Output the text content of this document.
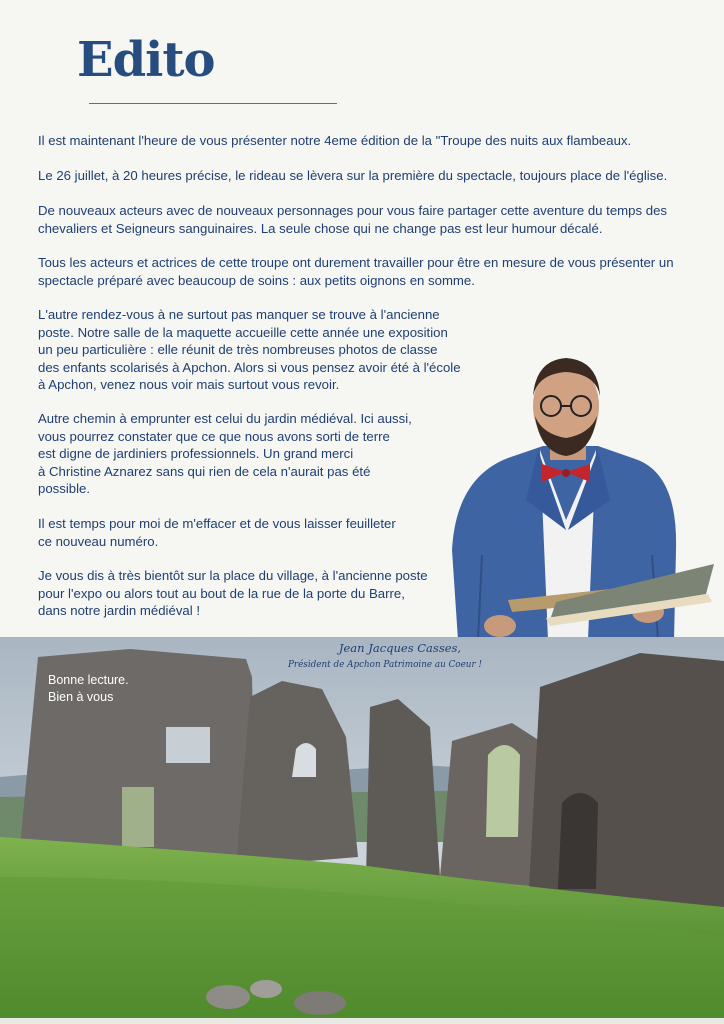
Edito

Il est maintenant l'heure de vous présenter notre 4eme édition de la "Troupe des nuits aux flambeaux.

Le 26 juillet, à 20 heures précise, le rideau se lèvera sur la première du spectacle, toujours place de l'église.

De nouveaux acteurs avec de nouveaux personnages pour vous faire partager cette aventure du temps des
chevaliers et Seigneurs sanguinaires. La seule chose qui ne change pas est leur humour décalé.

Tous les acteurs et actrices de cette troupe ont durement travailler pour être en mesure de vous présenter un
spectacle préparé avec beaucoup de soins : aux petits oignons en somme.

L'autre rendez-vous à ne surtout pas manquer se trouve à l'ancienne
poste. Notre salle de la maquette accueille cette année une exposition
un peu particulière : elle réunit de très nombreuses photos de classe
des enfants scolarisés à Apchon. Alors si vous pensez avoir été à l'école
à Apchon, venez nous voir mais surtout vous revoir.

Autre chemin à emprunter est celui du jardin médiéval. Ici aussi,
vous pourrez constater que ce que nous avons sorti de terre
est digne de jardiniers professionnels. Un grand merci
à Christine Aznarez sans qui rien de cela n'aurait pas été
possible.

Il est temps pour moi de m'effacer et de vous laisser feuilleter
ce nouveau numéro.

Je vous dis à très bientôt sur la place du village, à l'ancienne poste
pour l'expo ou alors tout au bout de la rue de la porte du Barre,
dans notre jardin médiéval !

Jean Jacques Casses,
Président de Apchon Patrimoine au Coeur !
Bonne lecture.
Bien à vous
